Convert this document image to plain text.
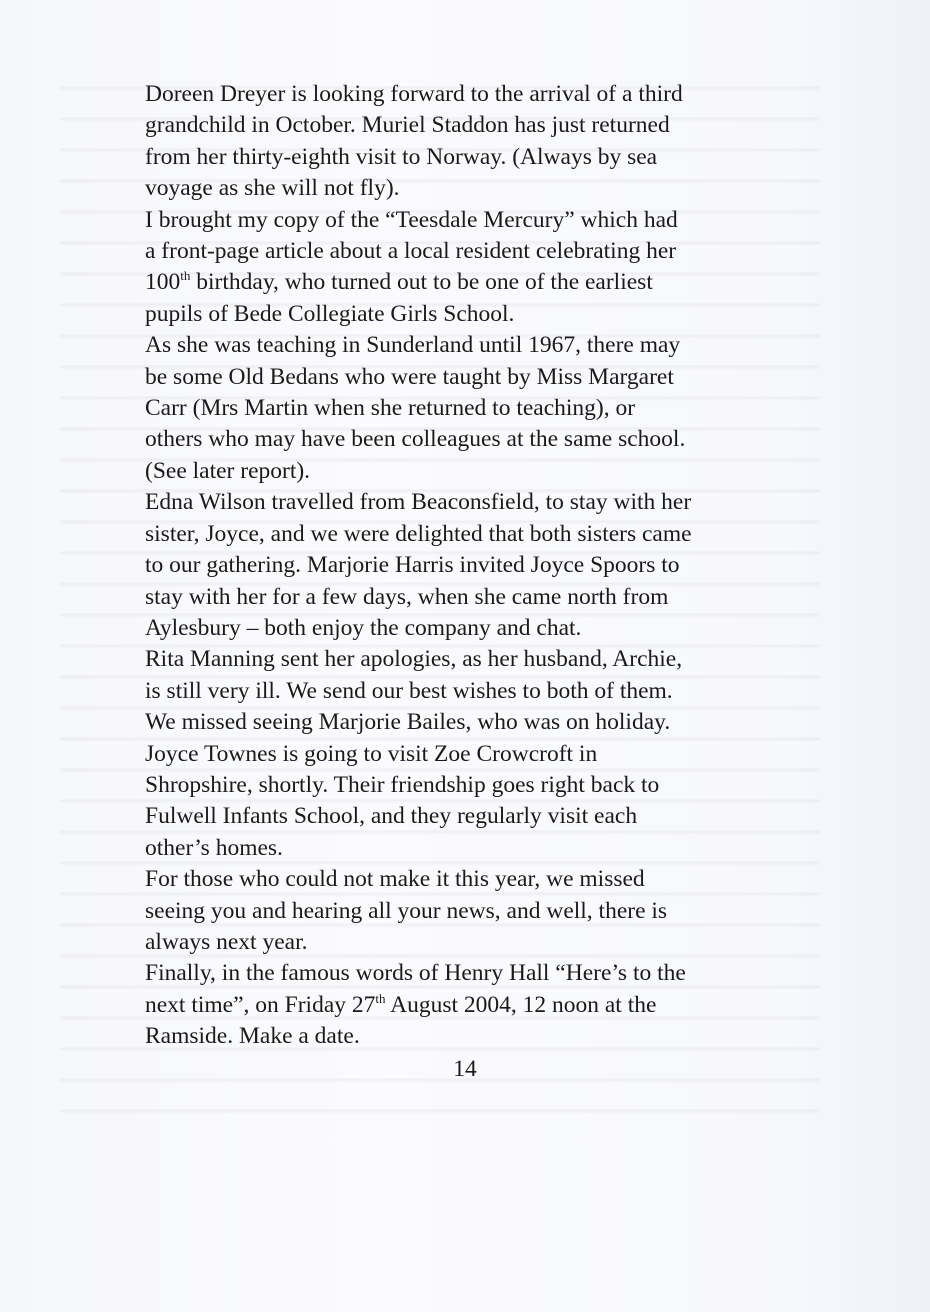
Doreen Dreyer is looking forward to the arrival of a third
grandchild in October. Muriel Staddon has just returned
from her thirty-eighth visit to Norway. (Always by sea
voyage as she will not fly).
I brought my copy of the “Teesdale Mercury” which had
a front-page article about a local resident celebrating her
100th birthday, who turned out to be one of the earliest
pupils of Bede Collegiate Girls School.
As she was teaching in Sunderland until 1967, there may
be some Old Bedans who were taught by Miss Margaret
Carr (Mrs Martin when she returned to teaching), or
others who may have been colleagues at the same school.
(See later report).
Edna Wilson travelled from Beaconsfield, to stay with her
sister, Joyce, and we were delighted that both sisters came
to our gathering. Marjorie Harris invited Joyce Spoors to
stay with her for a few days, when she came north from
Aylesbury – both enjoy the company and chat.
Rita Manning sent her apologies, as her husband, Archie,
is still very ill. We send our best wishes to both of them.
We missed seeing Marjorie Bailes, who was on holiday.
Joyce Townes is going to visit Zoe Crowcroft in
Shropshire, shortly. Their friendship goes right back to
Fulwell Infants School, and they regularly visit each
other’s homes.
For those who could not make it this year, we missed
seeing you and hearing all your news, and well, there is
always next year.
Finally, in the famous words of Henry Hall “Here’s to the
next time”, on Friday 27th August 2004, 12 noon at the
Ramside. Make a date.
14
